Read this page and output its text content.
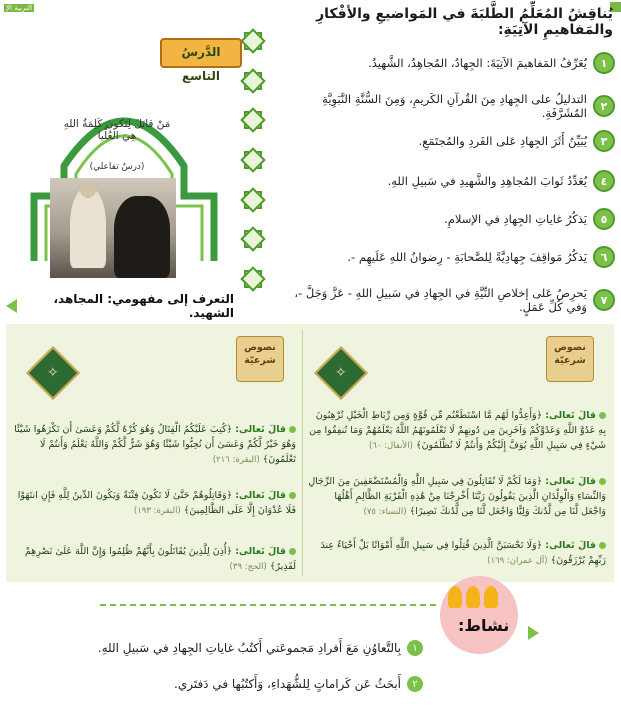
يُناقِشُ المُعَلِّمُ الطَّلبَةَ في المَواضيعِ والأفْكارِ والمَفاهيمِ الآتِيَةِ:
١
يُعَرِّفُ المَفاهيمَ الآتِيَةَ: الجِهادُ، المُجاهِدُ، الشَّهيدُ.
٢
التدليلُ على الجِهادِ مِنَ القُرآنِ الكَريمِ، وَمِنَ السُّنَّةِ النَّبَوِيَّةِ المُشَرَّفَةِ.
٣
يُبَيِّنُ أَثَرَ الجِهادِ عَلى الفَردِ والمُجتَمَعِ.
٤
يُعَدِّدُ ثَوابَ المُجاهِدِ والشَّهيدِ في سَبيلِ اللهِ.
٥
يَذكُرُ غاياتِ الجِهادِ في الإسلامِ.
٦
يَذكُرُ مَواقِفَ جِهادِيَّةً لِلصَّحابَةِ - رِضوانُ اللهِ عَلَيهِم -.
٧
يَحرِصُ عَلى إخلاصِ النِّيَّةِ في الجِهادِ في سَبيلِ اللهِ - عَزَّ وَجَلَّ -، وَفي كُلِّ عَمَلٍ.
التربية الإ
الدَّرسُ التاسع
مَنْ قاتَلَ لِتَكونَ كَلِمَةُ اللهِ هِيَ العُلْيا
(درسٌ تفاعلي)
التعرف إلى مفهومي: المجاهد، الشهيد.
نصوص
شرعيّة
✧
نصوص
شرعيّة
✧
قالَ تَعالى: ﴿وَأَعِدُّوا لَهُم مَّا اسْتَطَعْتُم مِّن قُوَّةٍ وَمِن رِّبَاطِ الْخَيْلِ تُرْهِبُونَ بِهِ عَدُوَّ اللَّهِ وَعَدُوَّكُمْ وَآخَرِينَ مِن دُونِهِمْ لَا تَعْلَمُونَهُمُ اللَّهُ يَعْلَمُهُمْ وَمَا تُنفِقُوا مِن شَيْءٍ فِي سَبِيلِ اللَّهِ يُوَفَّ إِلَيْكُمْ وَأَنتُمْ لَا تُظْلَمُونَ﴾ (الأنفال: ٦٠)
قالَ تَعالى: ﴿وَمَا لَكُمْ لَا تُقَاتِلُونَ فِي سَبِيلِ اللَّهِ وَالْمُسْتَضْعَفِينَ مِنَ الرِّجَالِ وَالنِّسَاءِ وَالْوِلْدَانِ الَّذِينَ يَقُولُونَ رَبَّنَا أَخْرِجْنَا مِنْ هَٰذِهِ الْقَرْيَةِ الظَّالِمِ أَهْلُهَا وَاجْعَل لَّنَا مِن لَّدُنكَ وَلِيًّا وَاجْعَل لَّنَا مِن لَّدُنكَ نَصِيرًا﴾ (النساء: ٧٥)
قالَ تَعالى: ﴿وَلَا تَحْسَبَنَّ الَّذِينَ قُتِلُوا فِي سَبِيلِ اللَّهِ أَمْوَاتًا بَلْ أَحْيَاءٌ عِندَ رَبِّهِمْ يُرْزَقُونَ﴾ (آل عمران: ١٦٩)
قالَ تَعالى: ﴿كُتِبَ عَلَيْكُمُ الْقِتَالُ وَهُوَ كُرْهٌ لَّكُمْ وَعَسَىٰ أَن تَكْرَهُوا شَيْئًا وَهُوَ خَيْرٌ لَّكُمْ وَعَسَىٰ أَن تُحِبُّوا شَيْئًا وَهُوَ شَرٌّ لَّكُمْ وَاللَّهُ يَعْلَمُ وَأَنتُمْ لَا تَعْلَمُونَ﴾ (البقرة: ٢١٦)
قالَ تَعالى: ﴿وَقَاتِلُوهُمْ حَتَّىٰ لَا تَكُونَ فِتْنَةٌ وَيَكُونَ الدِّينُ لِلَّهِ فَإِنِ انتَهَوْا فَلَا عُدْوَانَ إِلَّا عَلَى الظَّالِمِينَ﴾ (البقرة: ١٩٣)
قالَ تَعالى: ﴿أُذِنَ لِلَّذِينَ يُقَاتَلُونَ بِأَنَّهُمْ ظُلِمُوا وَإِنَّ اللَّهَ عَلَىٰ نَصْرِهِمْ لَقَدِيرٌ﴾ (الحج: ٣٩)
نشاط:
١
بِالتَّعاوُنِ مَعَ أَفرادِ مَجموعَتي أَكتُبُ غاياتِ الجِهادِ في سَبيلِ اللهِ.
٢
أَبحَثُ عَن كَراماتٍ لِلشُّهَداءِ، وَأَكتُبُها في دَفتَري.
